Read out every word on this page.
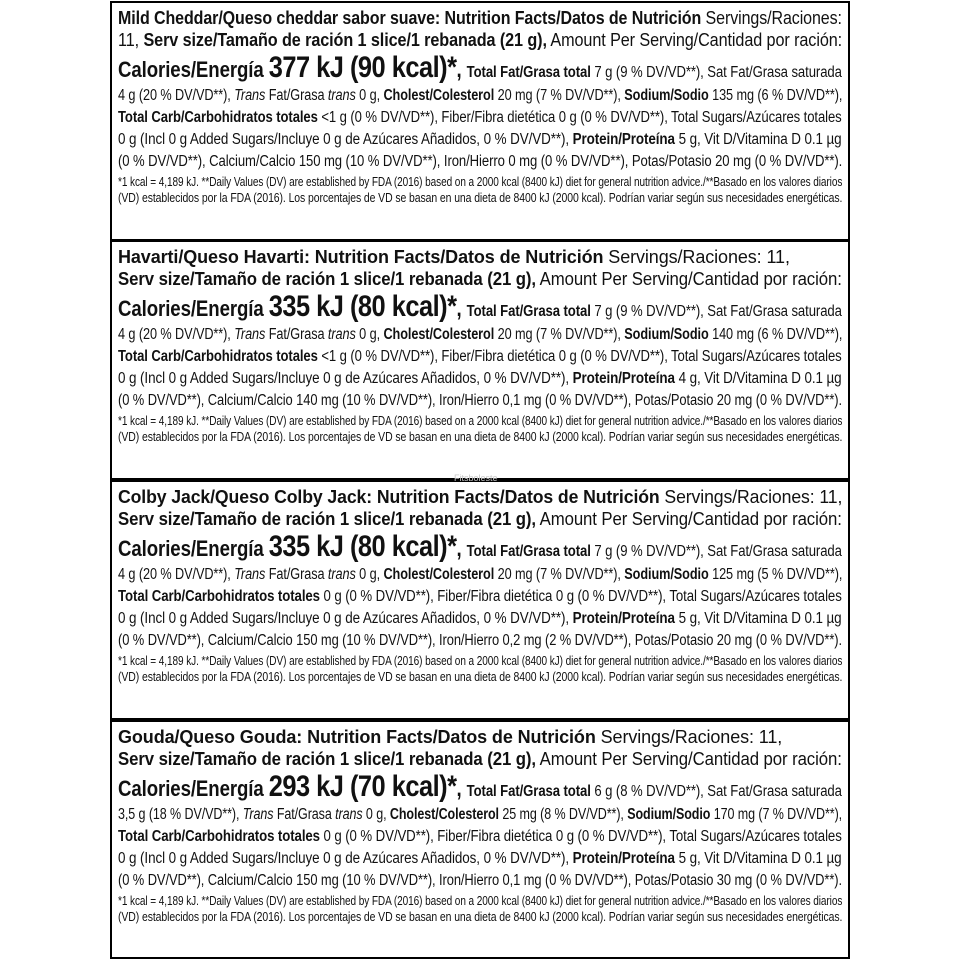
Mild Cheddar/Queso cheddar sabor suave: Nutrition Facts/Datos de Nutrición Servings/Raciones:
11, Serv size/Tamaño de ración 1 slice/1 rebanada (21 g), Amount Per Serving/Cantidad por ración:
Calories/Energía 377 kJ (90 kcal)*, Total Fat/Grasa total 7 g (9 % DV/VD**), Sat Fat/Grasa saturada
4 g (20 % DV/VD**), Trans Fat/Grasa trans 0 g, Cholest/Colesterol 20 mg (7 % DV/VD**), Sodium/Sodio 135 mg (6 % DV/VD**),
Total Carb/Carbohidratos totales <1 g (0 % DV/VD**), Fiber/Fibra dietética 0 g (0 % DV/VD**), Total Sugars/Azúcares totales
0 g (Incl 0 g Added Sugars/Incluye 0 g de Azúcares Añadidos, 0 % DV/VD**), Protein/Proteína 5 g, Vit D/Vitamina D 0.1 µg
(0 % DV/VD**), Calcium/Calcio 150 mg (10 % DV/VD**), Iron/Hierro 0 mg (0 % DV/VD**), Potas/Potasio 20 mg (0 % DV/VD**).
*1 kcal = 4,189 kJ. **Daily Values (DV) are established by FDA (2016) based on a 2000 kcal (8400 kJ) diet for general nutrition advice./**Basado en los valores diarios
(VD) establecidos por la FDA (2016). Los porcentajes de VD se basan en una dieta de 8400 kJ (2000 kcal). Podrían variar según sus necesidades energéticas.
Havarti/Queso Havarti: Nutrition Facts/Datos de Nutrición Servings/Raciones: 11,
Serv size/Tamaño de ración 1 slice/1 rebanada (21 g), Amount Per Serving/Cantidad por ración:
Calories/Energía 335 kJ (80 kcal)*, Total Fat/Grasa total 7 g (9 % DV/VD**), Sat Fat/Grasa saturada
4 g (20 % DV/VD**), Trans Fat/Grasa trans 0 g, Cholest/Colesterol 20 mg (7 % DV/VD**), Sodium/Sodio 140 mg (6 % DV/VD**),
Total Carb/Carbohidratos totales <1 g (0 % DV/VD**), Fiber/Fibra dietética 0 g (0 % DV/VD**), Total Sugars/Azúcares totales
0 g (Incl 0 g Added Sugars/Incluye 0 g de Azúcares Añadidos, 0 % DV/VD**), Protein/Proteína 4 g, Vit D/Vitamina D 0.1 µg
(0 % DV/VD**), Calcium/Calcio 140 mg (10 % DV/VD**), Iron/Hierro 0,1 mg (0 % DV/VD**), Potas/Potasio 20 mg (0 % DV/VD**).
*1 kcal = 4,189 kJ. **Daily Values (DV) are established by FDA (2016) based on a 2000 kcal (8400 kJ) diet for general nutrition advice./**Basado en los valores diarios
(VD) establecidos por la FDA (2016). Los porcentajes de VD se basan en una dieta de 8400 kJ (2000 kcal). Podrían variar según sus necesidades energéticas.
Colby Jack/Queso Colby Jack: Nutrition Facts/Datos de Nutrición Servings/Raciones: 11,
Serv size/Tamaño de ración 1 slice/1 rebanada (21 g), Amount Per Serving/Cantidad por ración:
Calories/Energía 335 kJ (80 kcal)*, Total Fat/Grasa total 7 g (9 % DV/VD**), Sat Fat/Grasa saturada
4 g (20 % DV/VD**), Trans Fat/Grasa trans 0 g, Cholest/Colesterol 20 mg (7 % DV/VD**), Sodium/Sodio 125 mg (5 % DV/VD**),
Total Carb/Carbohidratos totales 0 g (0 % DV/VD**), Fiber/Fibra dietética 0 g (0 % DV/VD**), Total Sugars/Azúcares totales
0 g (Incl 0 g Added Sugars/Incluye 0 g de Azúcares Añadidos, 0 % DV/VD**), Protein/Proteína 5 g, Vit D/Vitamina D 0.1 µg
(0 % DV/VD**), Calcium/Calcio 150 mg (10 % DV/VD**), Iron/Hierro 0,2 mg (2 % DV/VD**), Potas/Potasio 20 mg (0 % DV/VD**).
*1 kcal = 4,189 kJ. **Daily Values (DV) are established by FDA (2016) based on a 2000 kcal (8400 kJ) diet for general nutrition advice./**Basado en los valores diarios
(VD) establecidos por la FDA (2016). Los porcentajes de VD se basan en una dieta de 8400 kJ (2000 kcal). Podrían variar según sus necesidades energéticas.
Gouda/Queso Gouda: Nutrition Facts/Datos de Nutrición Servings/Raciones: 11,
Serv size/Tamaño de ración 1 slice/1 rebanada (21 g), Amount Per Serving/Cantidad por ración:
Calories/Energía 293 kJ (70 kcal)*, Total Fat/Grasa total 6 g (8 % DV/VD**), Sat Fat/Grasa saturada
3,5 g (18 % DV/VD**), Trans Fat/Grasa trans 0 g, Cholest/Colesterol 25 mg (8 % DV/VD**), Sodium/Sodio 170 mg (7 % DV/VD**),
Total Carb/Carbohidratos totales 0 g (0 % DV/VD**), Fiber/Fibra dietética 0 g (0 % DV/VD**), Total Sugars/Azúcares totales
0 g (Incl 0 g Added Sugars/Incluye 0 g de Azúcares Añadidos, 0 % DV/VD**), Protein/Proteína 5 g, Vit D/Vitamina D 0.1 µg
(0 % DV/VD**), Calcium/Calcio 150 mg (10 % DV/VD**), Iron/Hierro 0,1 mg (0 % DV/VD**), Potas/Potasio 30 mg (0 % DV/VD**).
*1 kcal = 4,189 kJ. **Daily Values (DV) are established by FDA (2016) based on a 2000 kcal (8400 kJ) diet for general nutrition advice./**Basado en los valores diarios
(VD) establecidos por la FDA (2016). Los porcentajes de VD se basan en una dieta de 8400 kJ (2000 kcal). Podrían variar según sus necesidades energéticas.
Fitsboleste
